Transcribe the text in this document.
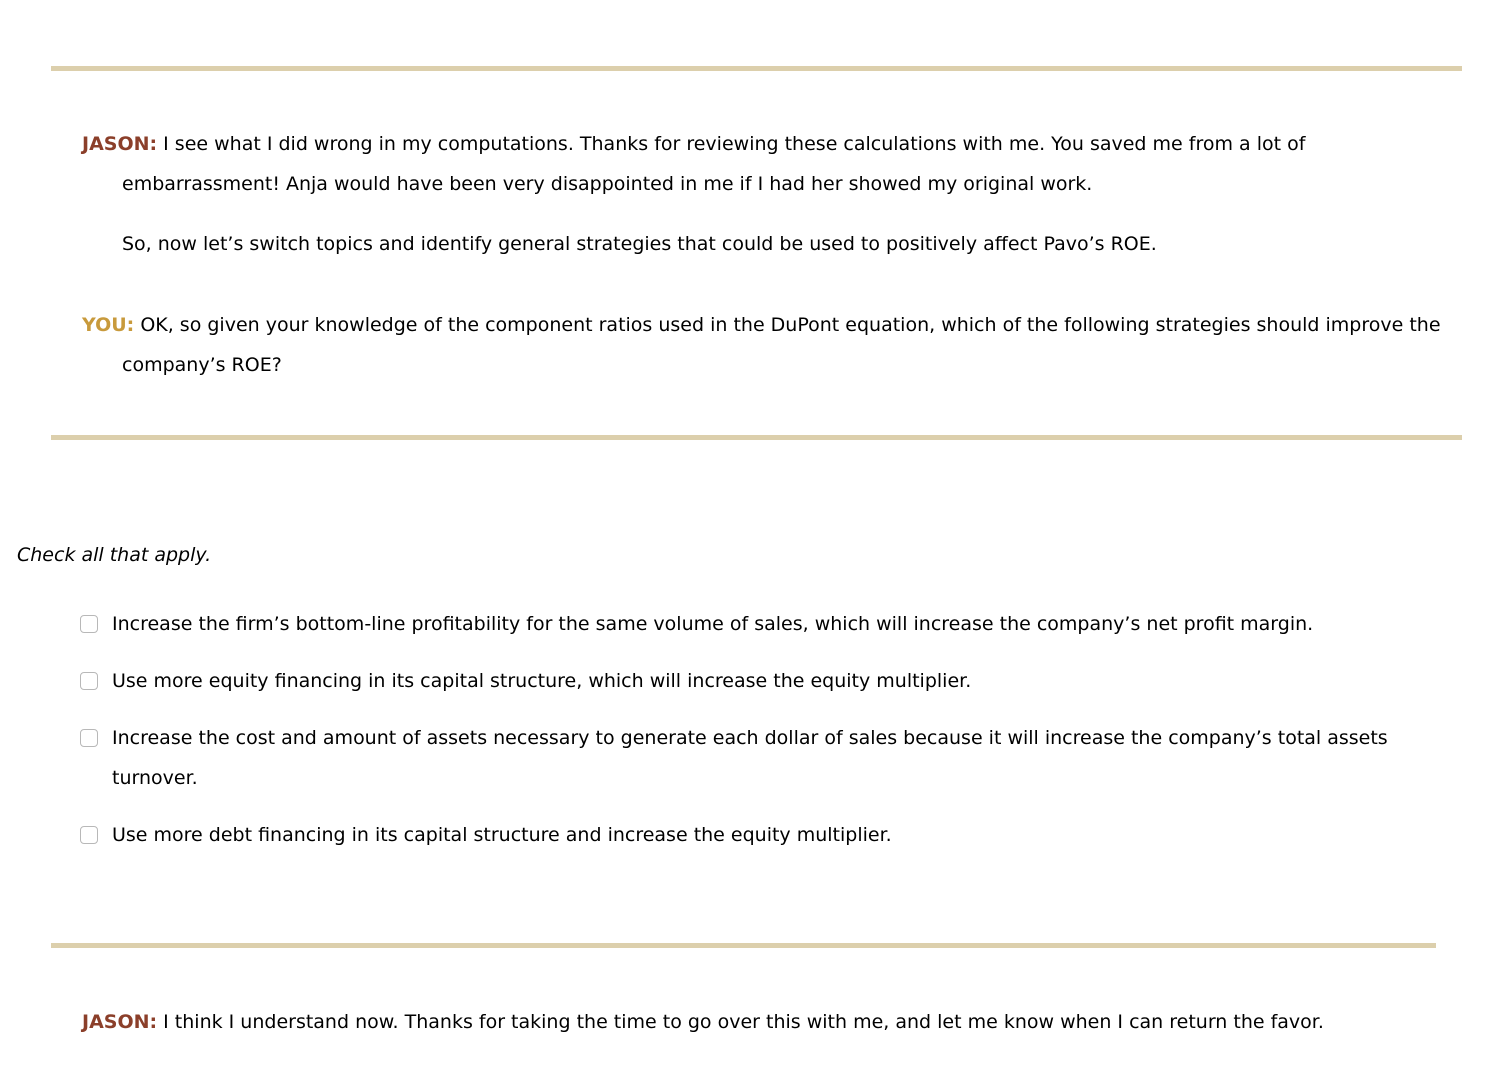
JASON: I see what I did wrong in my computations. Thanks for reviewing these calculations with me. You saved me from a lot of embarrassment! Anja would have been very disappointed in me if I had her showed my original work.

So, now let’s switch topics and identify general strategies that could be used to positively affect Pavo’s ROE.

YOU: OK, so given your knowledge of the component ratios used in the DuPont equation, which of the following strategies should improve the company’s ROE?

Check all that apply.
Increase the firm’s bottom-line profitability for the same volume of sales, which will increase the company’s net profit margin.
Use more equity financing in its capital structure, which will increase the equity multiplier.
Increase the cost and amount of assets necessary to generate each dollar of sales because it will increase the company’s total assets turnover.
Use more debt financing in its capital structure and increase the equity multiplier.

JASON: I think I understand now. Thanks for taking the time to go over this with me, and let me know when I can return the favor.
